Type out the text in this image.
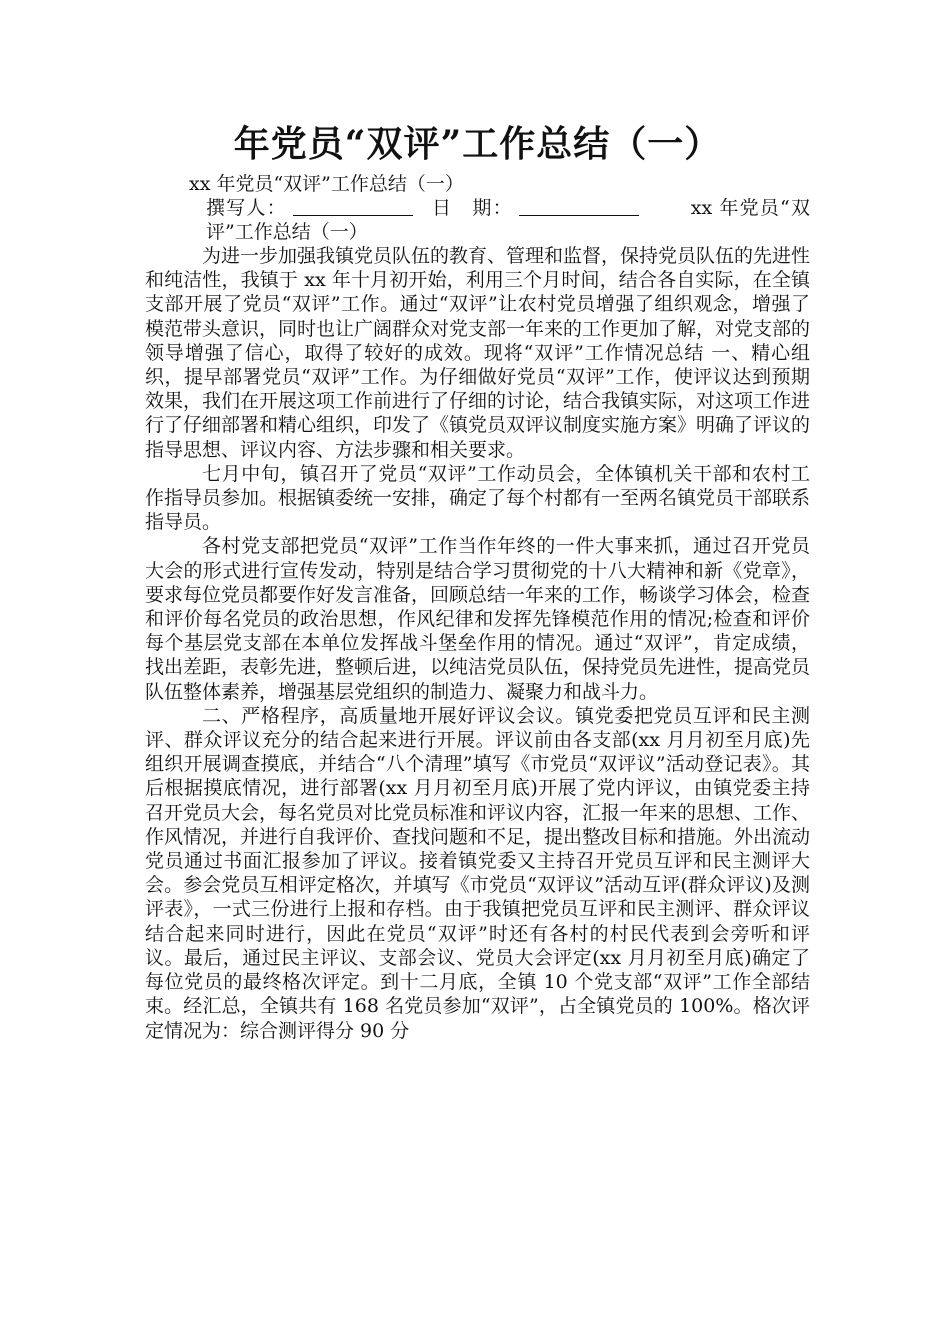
年党员“双评”工作总结（一）
xx 年党员“双评”工作总结（一）
撰写人：	日　期：	xx 年党员“双评”工作总结（一）

为进一步加强我镇党员队伍的教育、管理和监督，保持党员队伍的先进性和纯洁性，我镇于 xx 年十月初开始，利用三个月时间，结合各自实际，在全镇支部开展了党员“双评”工作。通过“双评”让农村党员增强了组织观念，增强了模范带头意识，同时也让广阔群众对党支部一年来的工作更加了解，对党支部的领导增强了信心，取得了较好的成效。现将“双评”工作情况总结 一、精心组织，提早部署党员“双评”工作。为仔细做好党员“双评”工作，使评议达到预期效果，我们在开展这项工作前进行了仔细的讨论，结合我镇实际，对这项工作进行了仔细部署和精心组织，印发了《镇党员双评议制度实施方案》明确了评议的指导思想、评议内容、方法步骤和相关要求。

七月中旬，镇召开了党员“双评”工作动员会，全体镇机关干部和农村工作指导员参加。根据镇委统一安排，确定了每个村都有一至两名镇党员干部联系指导员。

各村党支部把党员“双评”工作当作年终的一件大事来抓，通过召开党员大会的形式进行宣传发动，特别是结合学习贯彻党的十八大精神和新《党章》，要求每位党员都要作好发言准备，回顾总结一年来的工作，畅谈学习体会，检查和评价每名党员的政治思想，作风纪律和发挥先锋模范作用的情况;检查和评价每个基层党支部在本单位发挥战斗堡垒作用的情况。通过“双评”，肯定成绩，找出差距，表彰先进，整顿后进，以纯洁党员队伍，保持党员先进性，提高党员队伍整体素养，增强基层党组织的制造力、凝聚力和战斗力。

二、严格程序，高质量地开展好评议会议。镇党委把党员互评和民主测评、群众评议充分的结合起来进行开展。评议前由各支部(xx 月月初至月底)先组织开展调查摸底，并结合“八个清理”填写《市党员“双评议”活动登记表》。其后根据摸底情况，进行部署(xx 月月初至月底)开展了党内评议，由镇党委主持召开党员大会，每名党员对比党员标准和评议内容，汇报一年来的思想、工作、作风情况，并进行自我评价、查找问题和不足，提出整改目标和措施。外出流动党员通过书面汇报参加了评议。接着镇党委又主持召开党员互评和民主测评大会。参会党员互相评定格次，并填写《市党员“双评议”活动互评(群众评议)及测评表》，一式三份进行上报和存档。由于我镇把党员互评和民主测评、群众评议结合起来同时进行，因此在党员“双评”时还有各村的村民代表到会旁听和评议。最后，通过民主评议、支部会议、党员大会评定(xx 月月初至月底)确定了每位党员的最终格次评定。到十二月底，全镇 10 个党支部“双评”工作全部结束。经汇总，全镇共有 168 名党员参加“双评”，占全镇党员的 100%。格次评定情况为：综合测评得分 90 分
